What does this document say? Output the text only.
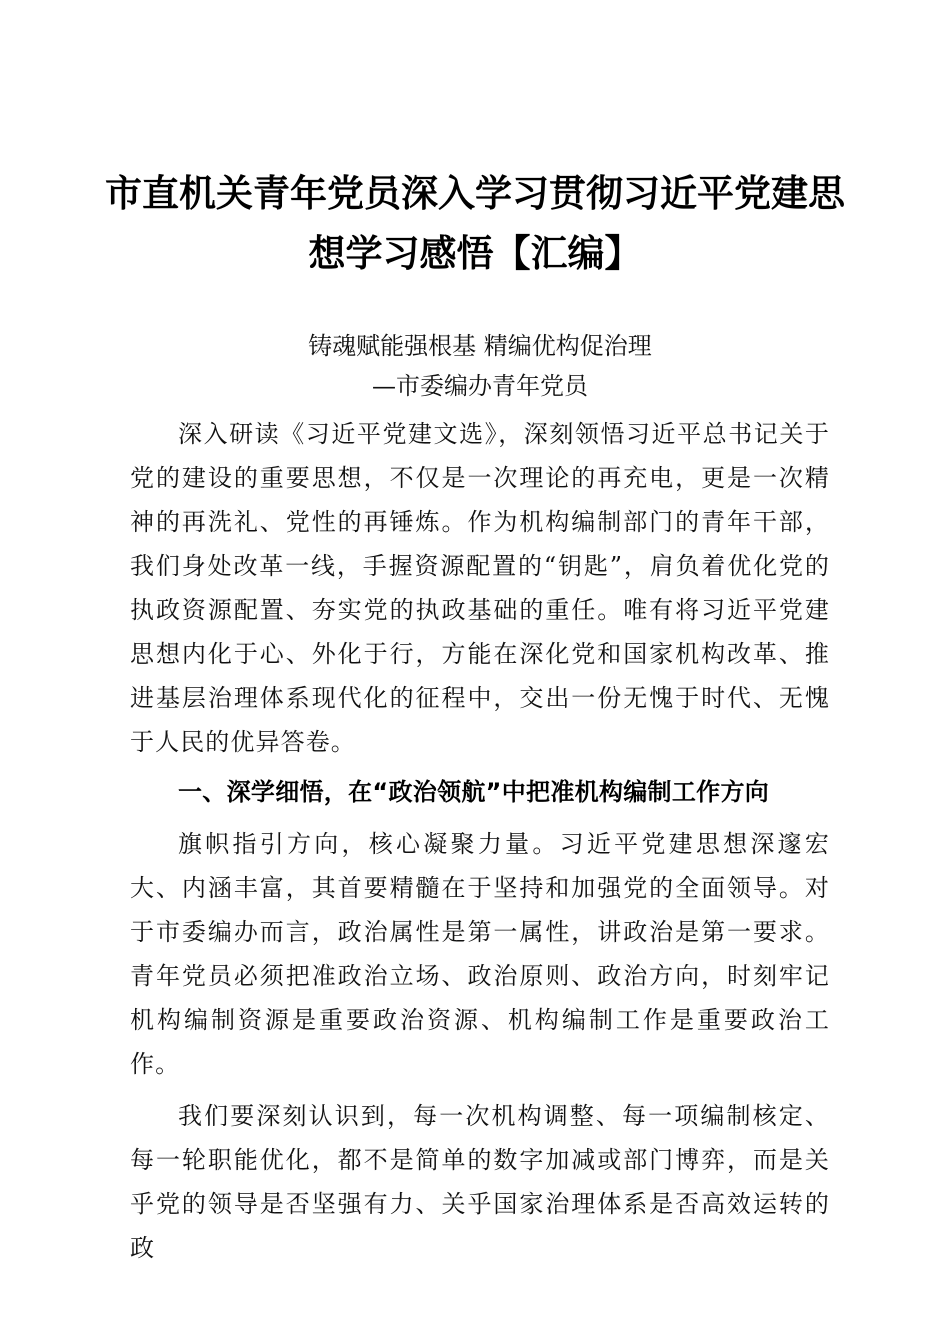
市直机关青年党员深入学习贯彻习近平党建思想学习感悟【汇编】
铸魂赋能强根基 精编优构促治理
—市委编办青年党员

深入研读《习近平党建文选》，深刻领悟习近平总书记关于党的建设的重要思想，不仅是一次理论的再充电，更是一次精神的再洗礼、党性的再锤炼。作为机构编制部门的青年干部，我们身处改革一线，手握资源配置的“钥匙”，肩负着优化党的执政资源配置、夯实党的执政基础的重任。唯有将习近平党建思想内化于心、外化于行，方能在深化党和国家机构改革、推进基层治理体系现代化的征程中，交出一份无愧于时代、无愧于人民的优异答卷。

一、深学细悟，在“政治领航”中把准机构编制工作方向

旗帜指引方向，核心凝聚力量。习近平党建思想深邃宏大、内涵丰富，其首要精髓在于坚持和加强党的全面领导。对于市委编办而言，政治属性是第一属性，讲政治是第一要求。青年党员必须把准政治立场、政治原则、政治方向，时刻牢记机构编制资源是重要政治资源、机构编制工作是重要政治工作。

我们要深刻认识到，每一次机构调整、每一项编制核定、每一轮职能优化，都不是简单的数字加减或部门博弈，而是关乎党的领导是否坚强有力、关乎国家治理体系是否高效运转的政
